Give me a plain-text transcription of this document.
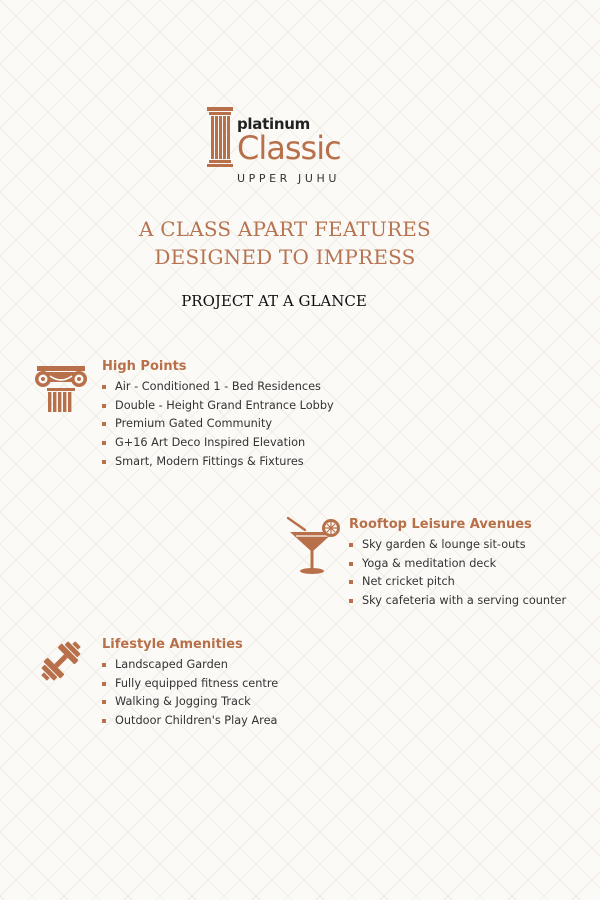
platinum
Classic
UPPER JUHU
A CLASS APART FEATURES
DESIGNED TO IMPRESS
PROJECT AT A GLANCE
High Points
Air - Conditioned 1 - Bed Residences
Double - Height Grand Entrance Lobby
Premium Gated Community
G+16 Art Deco Inspired Elevation
Smart, Modern Fittings & Fixtures
Rooftop Leisure Avenues
Sky garden & lounge sit-outs
Yoga & meditation deck
Net cricket pitch
Sky cafeteria with a serving counter
Lifestyle Amenities
Landscaped Garden
Fully equipped fitness centre
Walking & Jogging Track
Outdoor Children's Play Area
